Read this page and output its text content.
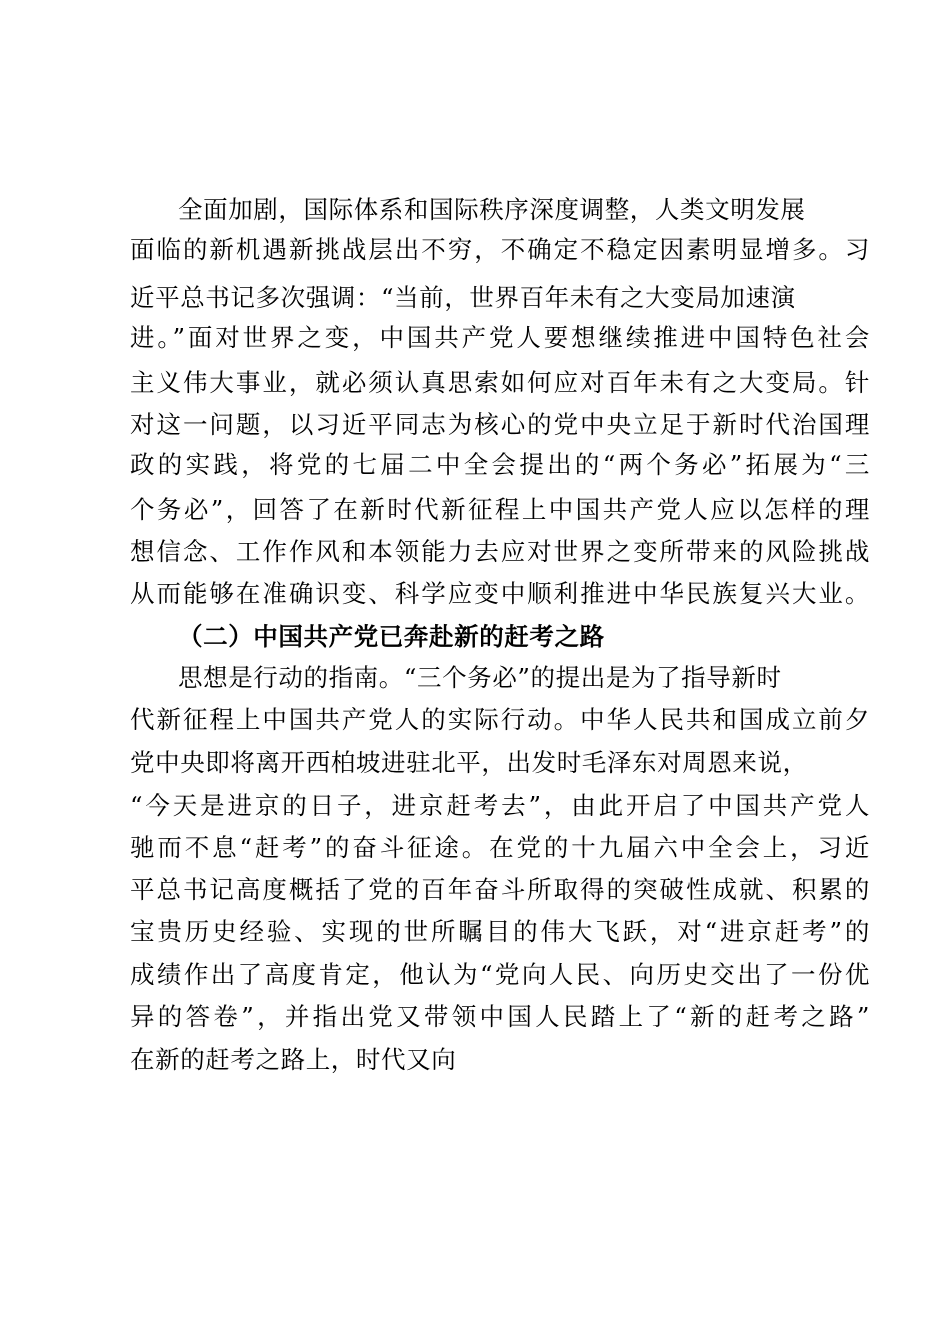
全面加剧，国际体系和国际秩序深度调整，人类文明发展
面临的新机遇新挑战层出不穷，不确定不稳定因素明显增多。习
近平总书记多次强调：“当前，世界百年未有之大变局加速演
进。”面对世界之变，中国共产党人要想继续推进中国特色社会
主义伟大事业，就必须认真思索如何应对百年未有之大变局。针
对这一问题，以习近平同志为核心的党中央立足于新时代治国理
政的实践，将党的七届二中全会提出的“两个务必”拓展为“三
个务必”，回答了在新时代新征程上中国共产党人应以怎样的理
想信念、工作作风和本领能力去应对世界之变所带来的风险挑战
从而能够在准确识变、科学应变中顺利推进中华民族复兴大业。
（二）中国共产党已奔赴新的赶考之路
思想是行动的指南。“三个务必”的提出是为了指导新时
代新征程上中国共产党人的实际行动。中华人民共和国成立前夕
党中央即将离开西柏坡进驻北平，出发时毛泽东对周恩来说，
“今天是进京的日子，进京赶考去”，由此开启了中国共产党人
驰而不息“赶考”的奋斗征途。在党的十九届六中全会上，习近
平总书记高度概括了党的百年奋斗所取得的突破性成就、积累的
宝贵历史经验、实现的世所瞩目的伟大飞跃，对“进京赶考”的
成绩作出了高度肯定，他认为“党向人民、向历史交出了一份优
异的答卷”，并指出党又带领中国人民踏上了“新的赶考之路”
在新的赶考之路上，时代又向
